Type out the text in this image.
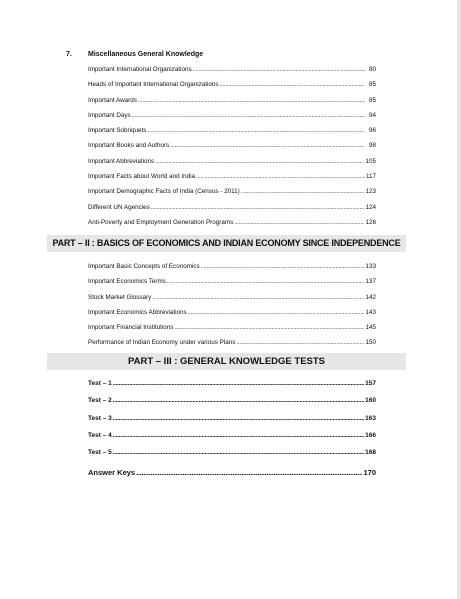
7. Miscellaneous General Knowledge
Important International Organizations .....	80
Heads of Important International Organizations .....	85
Important Awards .....	85
Important Days .....	94
Important Sobriquets .....	96
Important Books and Authors .....	98
Important Abbreviations .....	105
Important Facts about World and India .....	117
Important Demographic Facts of India (Census - 2011) .....	123
Different UN Agencies .....	124
Anti-Poverty and Employment Generation Programs .....	126
PART – II : BASICS OF ECONOMICS AND INDIAN ECONOMY SINCE INDEPENDENCE
Important Basic Concepts of Economics .....	133
Important Economics Terms .....	137
Stock Market Glossary .....	142
Important Economics Abbreviations .....	143
Important Financial Institutions .....	145
Performance of Indian Economy under various Plans .....	150
PART – III : GENERAL KNOWLEDGE TESTS
Test – 1 .....	157
Test – 2 .....	160
Test – 3 .....	163
Test – 4 .....	166
Test – 5 .....	168
Answer Keys .....	170
